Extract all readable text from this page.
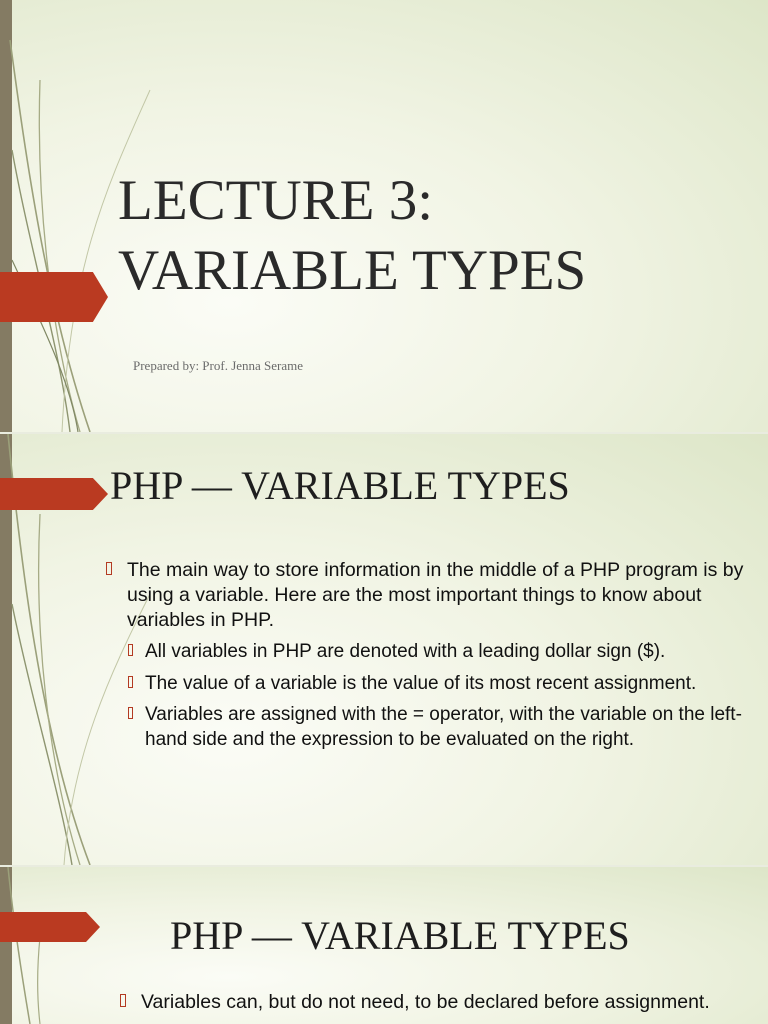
LECTURE 3:
VARIABLE TYPES

Prepared by: Prof. Jenna Serame

PHP — VARIABLE TYPES
The main way to store information in the middle of a PHP program is by using a variable. Here are the most important things to know about variables in PHP.
All variables in PHP are denoted with a leading dollar sign ($).
The value of a variable is the value of its most recent assignment.
Variables are assigned with the = operator, with the variable on the left-hand side and the expression to be evaluated on the right.
PHP — VARIABLE TYPES
Variables can, but do not need, to be declared before assignment.
